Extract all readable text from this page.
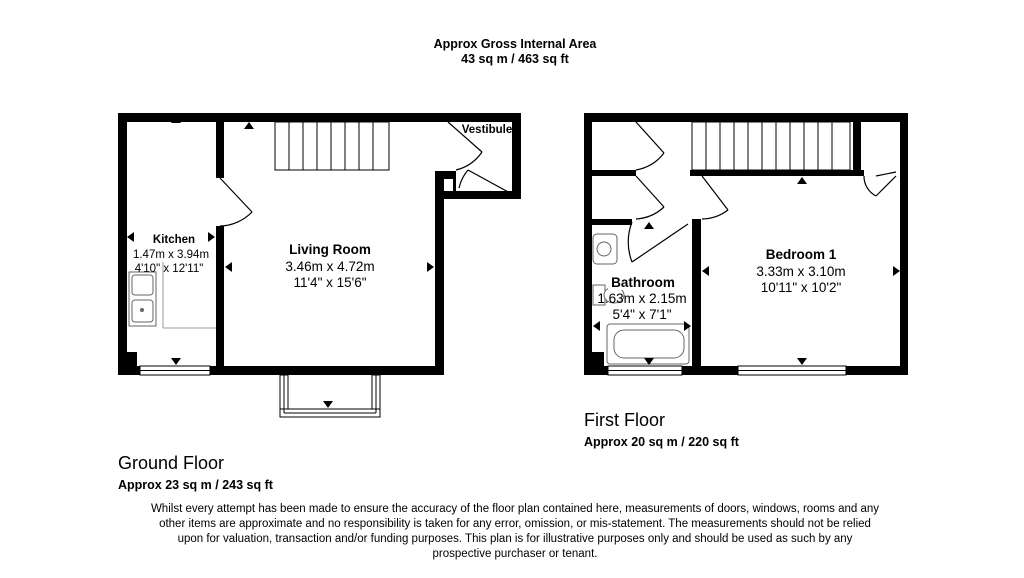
Approx Gross Internal Area
43 sq m / 463 sq ft
Kitchen
1.47m x 3.94m
4'10" x 12'11"
Living Room
3.46m x 4.72m
11'4" x 15'6"
Vestibule
Ground Floor
Approx 23 sq m / 243 sq ft
Bathroom
1.63m x 2.15m
5'4" x 7'1"
Bedroom 1
3.33m x 3.10m
10'11" x 10'2"
First Floor
Approx 20 sq m / 220 sq ft
Whilst every attempt has been made to ensure the accuracy of the floor plan contained here, measurements of doors, windows, rooms and any other items are approximate and no responsibility is taken for any error, omission, or mis-statement. The measurements should not be relied upon for valuation, transaction and/or funding purposes. This plan is for illustrative purposes only and should be used as such by any prospective purchaser or tenant.
